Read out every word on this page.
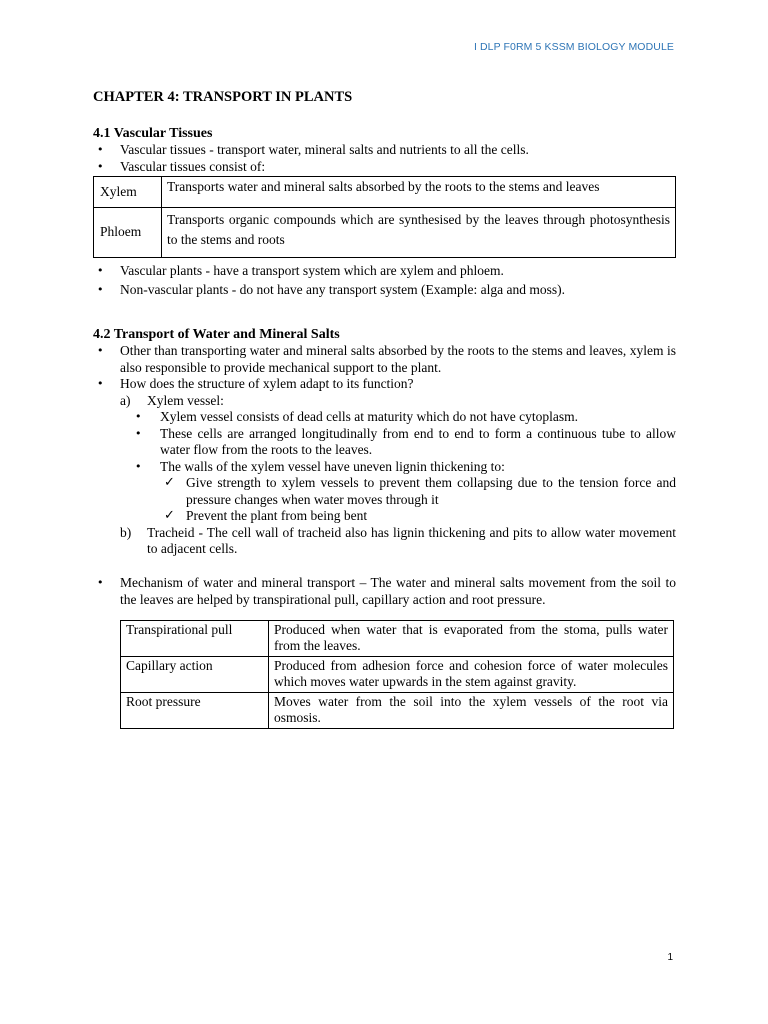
I DLP F0RM 5 KSSM BIOLOGY MODULE
CHAPTER 4: TRANSPORT IN PLANTS
4.1 Vascular Tissues
• Vascular tissues - transport water, mineral salts and nutrients to all the cells.
• Vascular tissues consist of:
Xylem	Transports water and mineral salts absorbed by the roots to the stems and leaves
Phloem	Transports organic compounds which are synthesised by the leaves through photosynthesis to the stems and roots
• Vascular plants - have a transport system which are xylem and phloem.
• Non-vascular plants - do not have any transport system (Example: alga and moss).
4.2 Transport of Water and Mineral Salts
• Other than transporting water and mineral salts absorbed by the roots to the stems and leaves, xylem is also responsible to provide mechanical support to the plant.
• How does the structure of xylem adapt to its function?
a) Xylem vessel:
• Xylem vessel consists of dead cells at maturity which do not have cytoplasm.
• These cells are arranged longitudinally from end to end to form a continuous tube to allow water flow from the roots to the leaves.
• The walls of the xylem vessel have uneven lignin thickening to:
✓ Give strength to xylem vessels to prevent them collapsing due to the tension force and pressure changes when water moves through it
✓ Prevent the plant from being bent
b) Tracheid - The cell wall of tracheid also has lignin thickening and pits to allow water movement to adjacent cells.
• Mechanism of water and mineral transport – The water and mineral salts movement from the soil to the leaves are helped by transpirational pull, capillary action and root pressure.
Transpirational pull	Produced when water that is evaporated from the stoma, pulls water from the leaves.
Capillary action	Produced from adhesion force and cohesion force of water molecules which moves water upwards in the stem against gravity.
Root pressure	Moves water from the soil into the xylem vessels of the root via osmosis.
1
